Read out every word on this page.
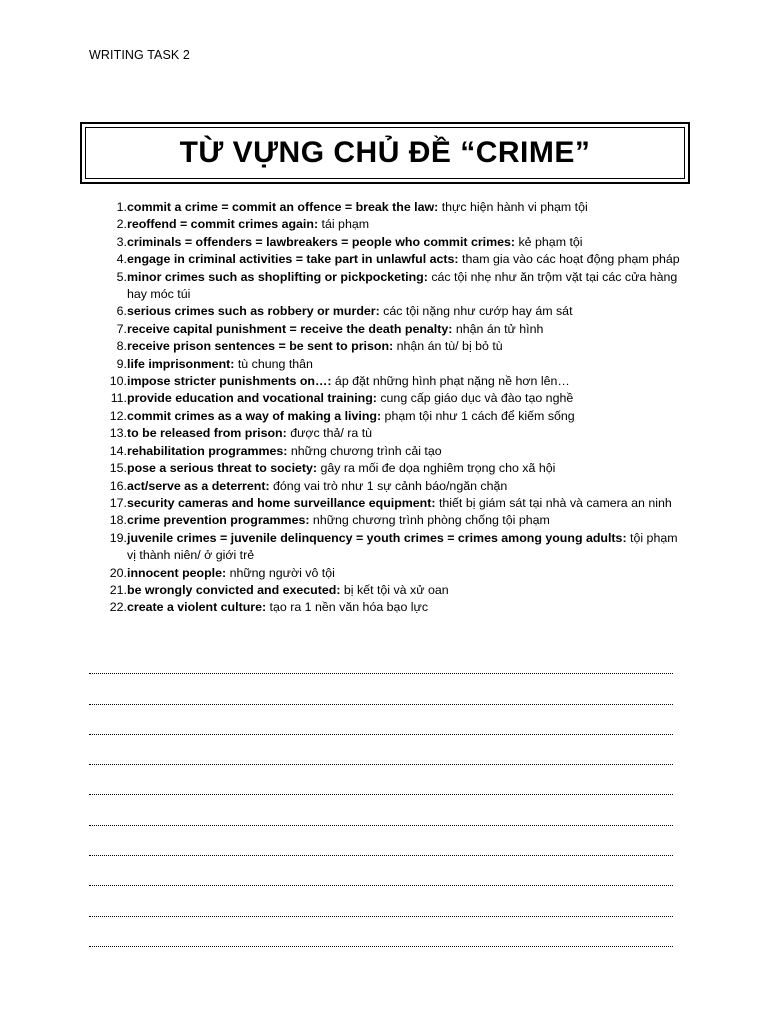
WRITING TASK 2
TỪ VỰNG CHỦ ĐỀ “CRIME”
1. commit a crime = commit an offence = break the law: thực hiện hành vi phạm tội
2. reoffend = commit crimes again: tái phạm
3. criminals = offenders = lawbreakers = people who commit crimes: kẻ phạm tội
4. engage in criminal activities = take part in unlawful acts: tham gia vào các hoạt động phạm pháp
5. minor crimes such as shoplifting or pickpocketing: các tội nhẹ như ăn trộm vặt tại các cửa hàng hay móc túi
6. serious crimes such as robbery or murder: các tội nặng như cướp hay ám sát
7. receive capital punishment = receive the death penalty: nhận án tử hình
8. receive prison sentences = be sent to prison: nhận án tù/ bị bỏ tù
9. life imprisonment: tù chung thân
10. impose stricter punishments on…: áp đặt những hình phạt nặng nề hơn lên…
11. provide education and vocational training: cung cấp giáo dục và đào tạo nghề
12. commit crimes as a way of making a living: phạm tội như 1 cách để kiếm sống
13. to be released from prison: được thả/ ra tù
14. rehabilitation programmes: những chương trình cải tạo
15. pose a serious threat to society: gây ra mối đe dọa nghiêm trọng cho xã hội
16. act/serve as a deterrent: đóng vai trò như 1 sự cảnh báo/ngăn chặn
17. security cameras and home surveillance equipment: thiết bị giám sát tại nhà và camera an ninh
18. crime prevention programmes: những chương trình phòng chống tội phạm
19. juvenile crimes = juvenile delinquency = youth crimes = crimes among young adults: tội phạm vị thành niên/ ở giới trẻ
20. innocent people: những người vô tội
21. be wrongly convicted and executed: bị kết tội và xử oan
22. create a violent culture: tạo ra 1 nền văn hóa bạo lực
